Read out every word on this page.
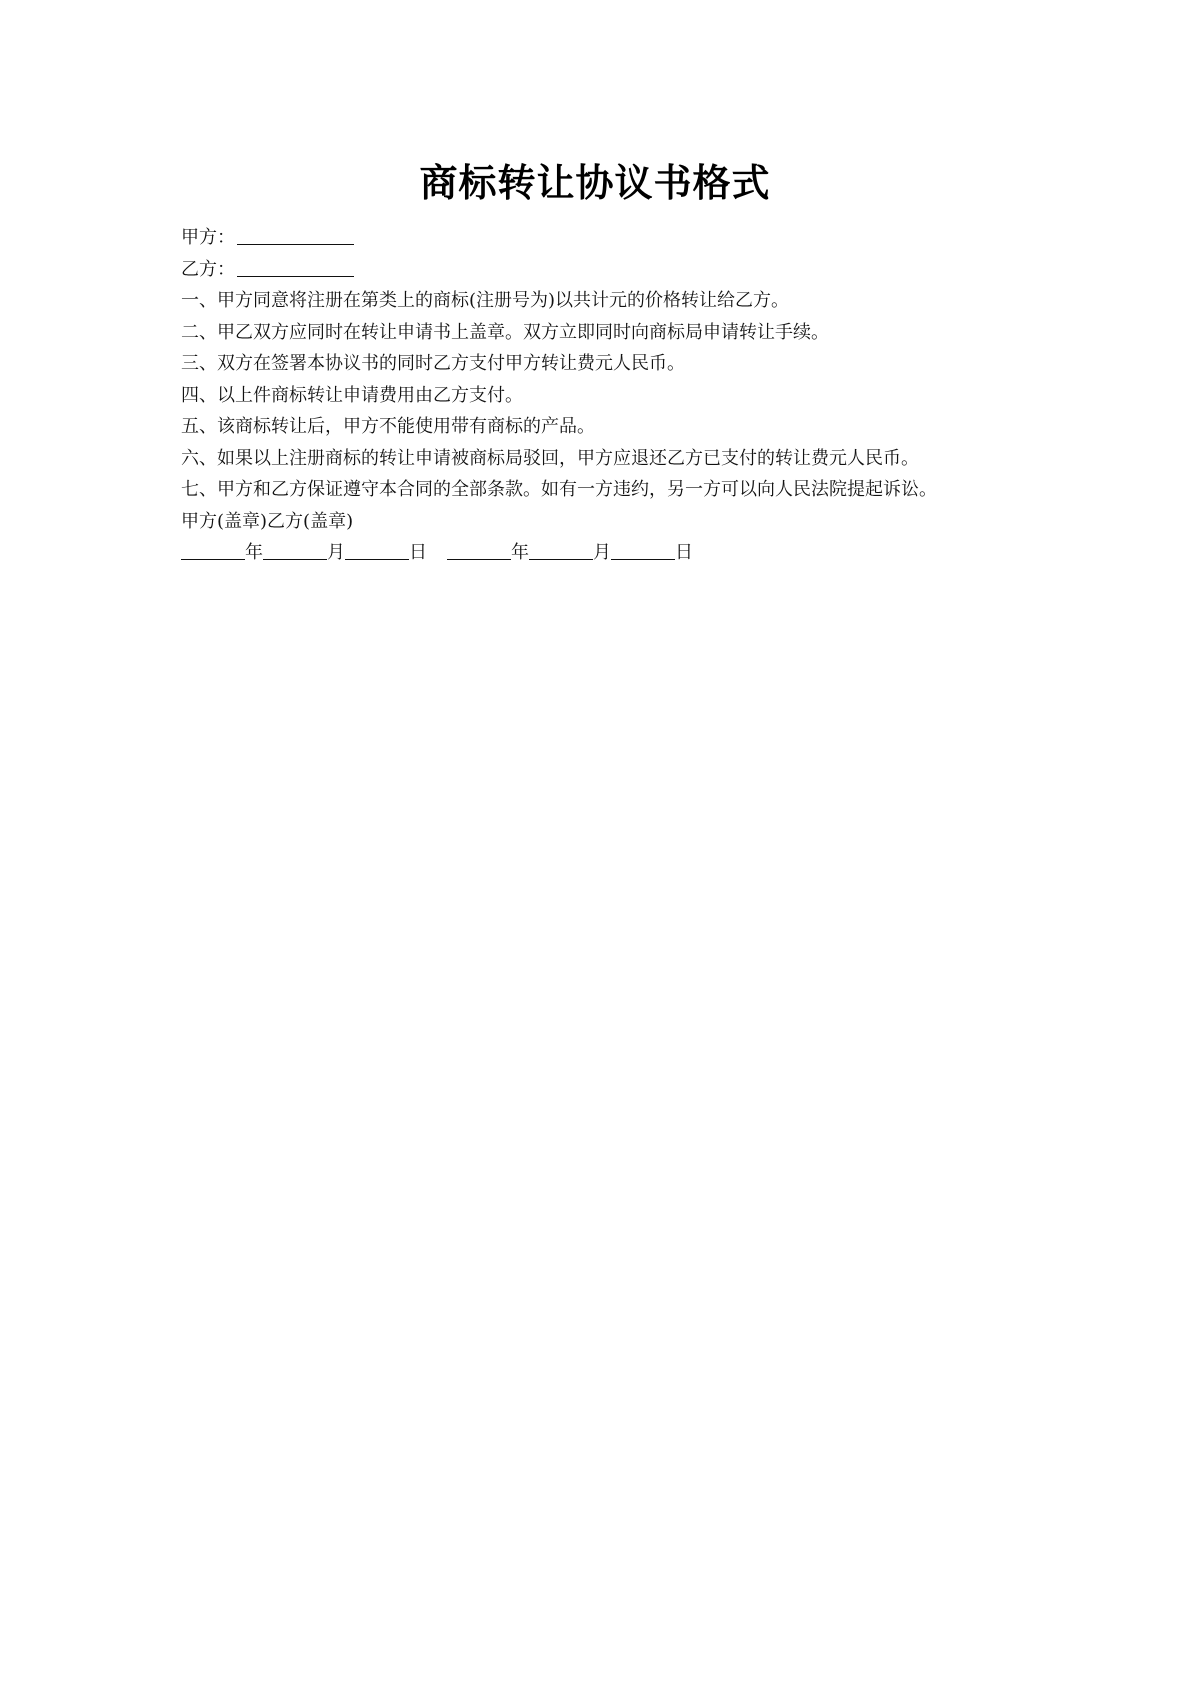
商标转让协议书格式
甲方：
乙方：
一、甲方同意将注册在第类上的商标(注册号为)以共计元的价格转让给乙方。
二、甲乙双方应同时在转让申请书上盖章。双方立即同时向商标局申请转让手续。
三、双方在签署本协议书的同时乙方支付甲方转让费元人民币。
四、以上件商标转让申请费用由乙方支付。
五、该商标转让后，甲方不能使用带有商标的产品。
六、如果以上注册商标的转让申请被商标局驳回，甲方应退还乙方已支付的转让费元人民币。
七、甲方和乙方保证遵守本合同的全部条款。如有一方违约，另一方可以向人民法院提起诉讼。
甲方(盖章)乙方(盖章)
年	月	日	年	月	日
